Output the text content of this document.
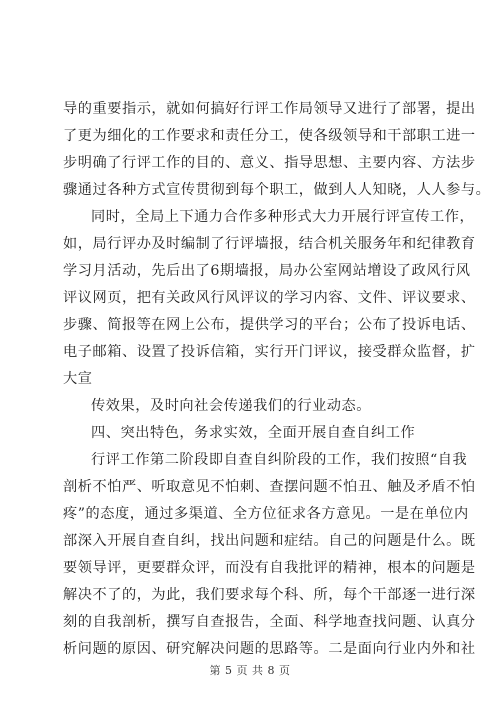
导的重要指示，就如何搞好行评工作局领导又进行了部署，提出
了更为细化的工作要求和责任分工，使各级领导和干部职工进一
步明确了行评工作的目的、意义、指导思想、主要内容、方法步
骤通过各种方式宣传贯彻到每个职工，做到人人知晓，人人参与。
同时，全局上下通力合作多种形式大力开展行评宣传工作，
如，局行评办及时编制了行评墙报，结合机关服务年和纪律教育
学习月活动，先后出了6期墙报，局办公室网站增设了政风行风
评议网页，把有关政风行风评议的学习内容、文件、评议要求、
步骤、简报等在网上公布，提供学习的平台；公布了投诉电话、
电子邮箱、设置了投诉信箱，实行开门评议，接受群众监督，扩
大宣
传效果，及时向社会传递我们的行业动态。
四、突出特色，务求实效，全面开展自查自纠工作
行评工作第二阶段即自查自纠阶段的工作，我们按照“自我
剖析不怕严、听取意见不怕刺、查摆问题不怕丑、触及矛盾不怕
疼”的态度，通过多渠道、全方位征求各方意见。一是在单位内
部深入开展自查自纠，找出问题和症结。自己的问题是什么。既
要领导评，更要群众评，而没有自我批评的精神，根本的问题是
解决不了的，为此，我们要求每个科、所，每个干部逐一进行深
刻的自我剖析，撰写自查报告，全面、科学地查找问题、认真分
析问题的原因、研究解决问题的思路等。二是面向行业内外和社
第 5 页 共 8 页
